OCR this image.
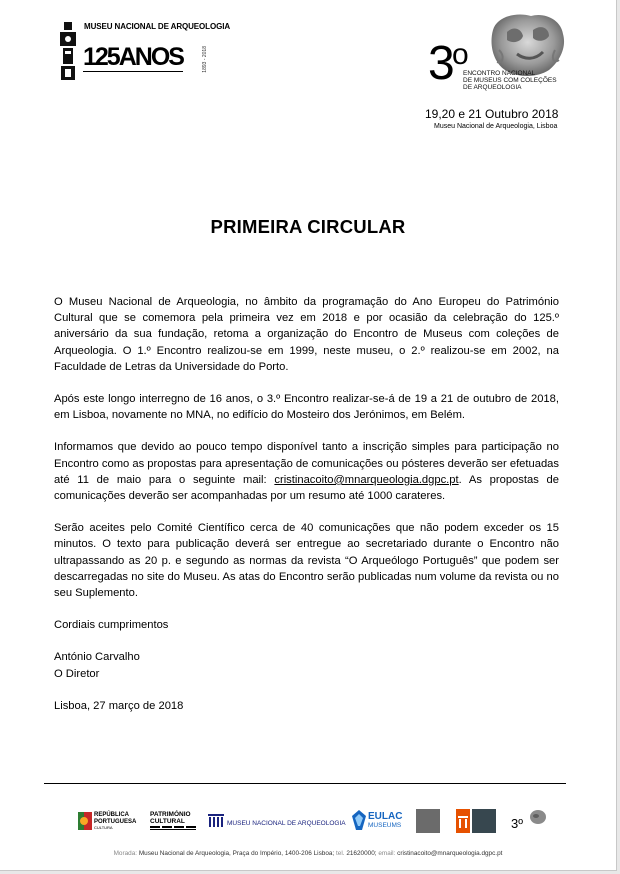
MUSEU NACIONAL DE ARQUEOLOGIA
125ANOS	1893 - 2018	3
o
ENCONTRO NACIONAL
DE MUSEUS COM COLEÇÕES
DE ARQUEOLOGIA
19,20 e 21 Outubro 2018
Museu Nacional de Arqueologia, Lisboa
PRIMEIRA CIRCULAR

O Museu Nacional de Arqueologia, no âmbito da programação do Ano Europeu do Património Cultural que se comemora pela primeira vez em 2018 e por ocasião da celebração do 125.º aniversário da sua fundação, retoma a organização do Encontro de Museus com coleções de Arqueologia. O 1.º Encontro realizou-se em 1999, neste museu, o 2.º realizou-se em 2002, na Faculdade de Letras da Universidade do Porto.

Após este longo interregno de 16 anos, o 3.º Encontro realizar-se-á de 19 a 21 de outubro de 2018, em Lisboa, novamente no MNA, no edifício do Mosteiro dos Jerónimos, em Belém.

Informamos que devido ao pouco tempo disponível tanto a inscrição simples para participação no Encontro como as propostas para apresentação de comunicações ou pósteres deverão ser efetuadas até 11 de maio para o seguinte mail: cristinacoito@mnarqueologia.dgpc.pt. As propostas de comunicações deverão ser acompanhadas por um resumo até 1000 carateres.

Serão aceites pelo Comité Científico cerca de 40 comunicações que não podem exceder os 15 minutos. O texto para publicação deverá ser entregue ao secretariado durante o Encontro não ultrapassando as 20 p. e segundo as normas da revista “O Arqueólogo Português” que podem ser descarregadas no site do Museu. As atas do Encontro serão publicadas num volume da revista ou no seu Suplemento.

Cordiais cumprimentos

António Carvalho

O Diretor

Lisboa, 27 março de 2018

REPÚBLICA
PORTUGUESA
CULTURA
PATRIMÓNIO
CULTURAL	MUSEU NACIONAL DE ARQUEOLOGIA
EULAC
MUSEUMS	3º
Morada: Museu Nacional de Arqueologia, Praça do Império, 1400-206 Lisboa; tel. 21620000; email: cristinacoito@mnarqueologia.dgpc.pt
